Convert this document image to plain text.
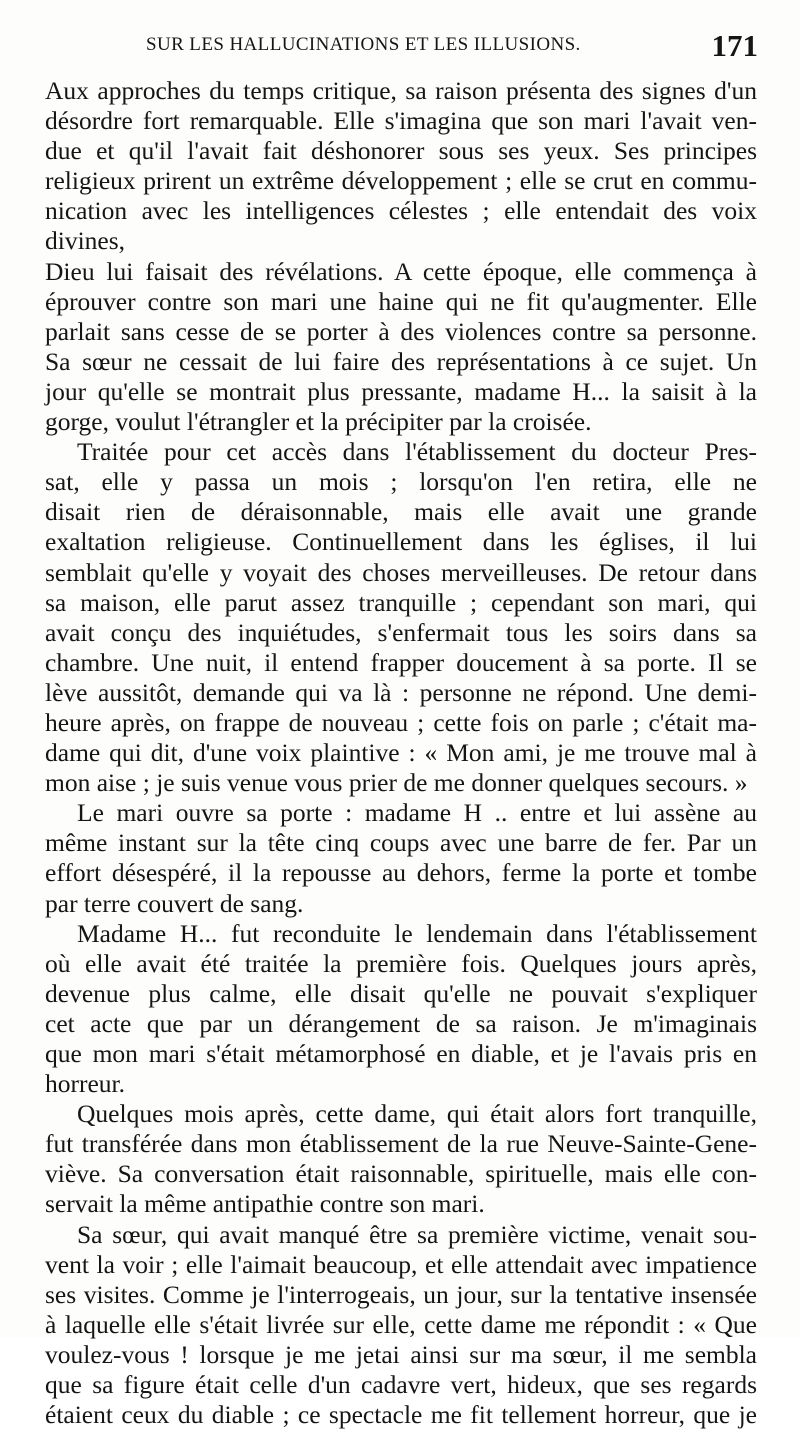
SUR LES HALLUCINATIONS ET LES ILLUSIONS.	171

Aux approches du temps critique, sa raison présenta des signes d'un

désordre fort remarquable. Elle s'imagina que son mari l'avait ven-

due et qu'il l'avait fait déshonorer sous ses yeux. Ses principes

religieux prirent un extrême développement ; elle se crut en commu-

nication avec les intelligences célestes ; elle entendait des voix divines,

Dieu lui faisait des révélations. A cette époque, elle commença à

éprouver contre son mari une haine qui ne fit qu'augmenter. Elle

parlait sans cesse de se porter à des violences contre sa personne.

Sa sœur ne cessait de lui faire des représentations à ce sujet. Un

jour qu'elle se montrait plus pressante, madame H... la saisit à la

gorge, voulut l'étrangler et la précipiter par la croisée.

Traitée pour cet accès dans l'établissement du docteur Pres-

sat, elle y passa un mois ; lorsqu'on l'en retira, elle ne

disait rien de déraisonnable, mais elle avait une grande

exaltation religieuse. Continuellement dans les églises, il lui

semblait qu'elle y voyait des choses merveilleuses. De retour dans

sa maison, elle parut assez tranquille ; cependant son mari, qui

avait conçu des inquiétudes, s'enfermait tous les soirs dans sa

chambre. Une nuit, il entend frapper doucement à sa porte. Il se

lève aussitôt, demande qui va là : personne ne répond. Une demi-

heure après, on frappe de nouveau ; cette fois on parle ; c'était ma-

dame qui dit, d'une voix plaintive : « Mon ami, je me trouve mal à

mon aise ; je suis venue vous prier de me donner quelques secours. »

Le mari ouvre sa porte : madame H .. entre et lui assène au

même instant sur la tête cinq coups avec une barre de fer. Par un

effort désespéré, il la repousse au dehors, ferme la porte et tombe

par terre couvert de sang.

Madame H... fut reconduite le lendemain dans l'établissement

où elle avait été traitée la première fois. Quelques jours après,

devenue plus calme, elle disait qu'elle ne pouvait s'expliquer

cet acte que par un dérangement de sa raison. Je m'imaginais

que mon mari s'était métamorphosé en diable, et je l'avais pris en

horreur.

Quelques mois après, cette dame, qui était alors fort tranquille,

fut transférée dans mon établissement de la rue Neuve-Sainte-Gene-

viève. Sa conversation était raisonnable, spirituelle, mais elle con-

servait la même antipathie contre son mari.

Sa sœur, qui avait manqué être sa première victime, venait sou-

vent la voir ; elle l'aimait beaucoup, et elle attendait avec impatience

ses visites. Comme je l'interrogeais, un jour, sur la tentative insensée

à laquelle elle s'était livrée sur elle, cette dame me répondit : « Que

voulez-vous ! lorsque je me jetai ainsi sur ma sœur, il me sembla

que sa figure était celle d'un cadavre vert, hideux, que ses regards

étaient ceux du diable ; ce spectacle me fit tellement horreur, que je
